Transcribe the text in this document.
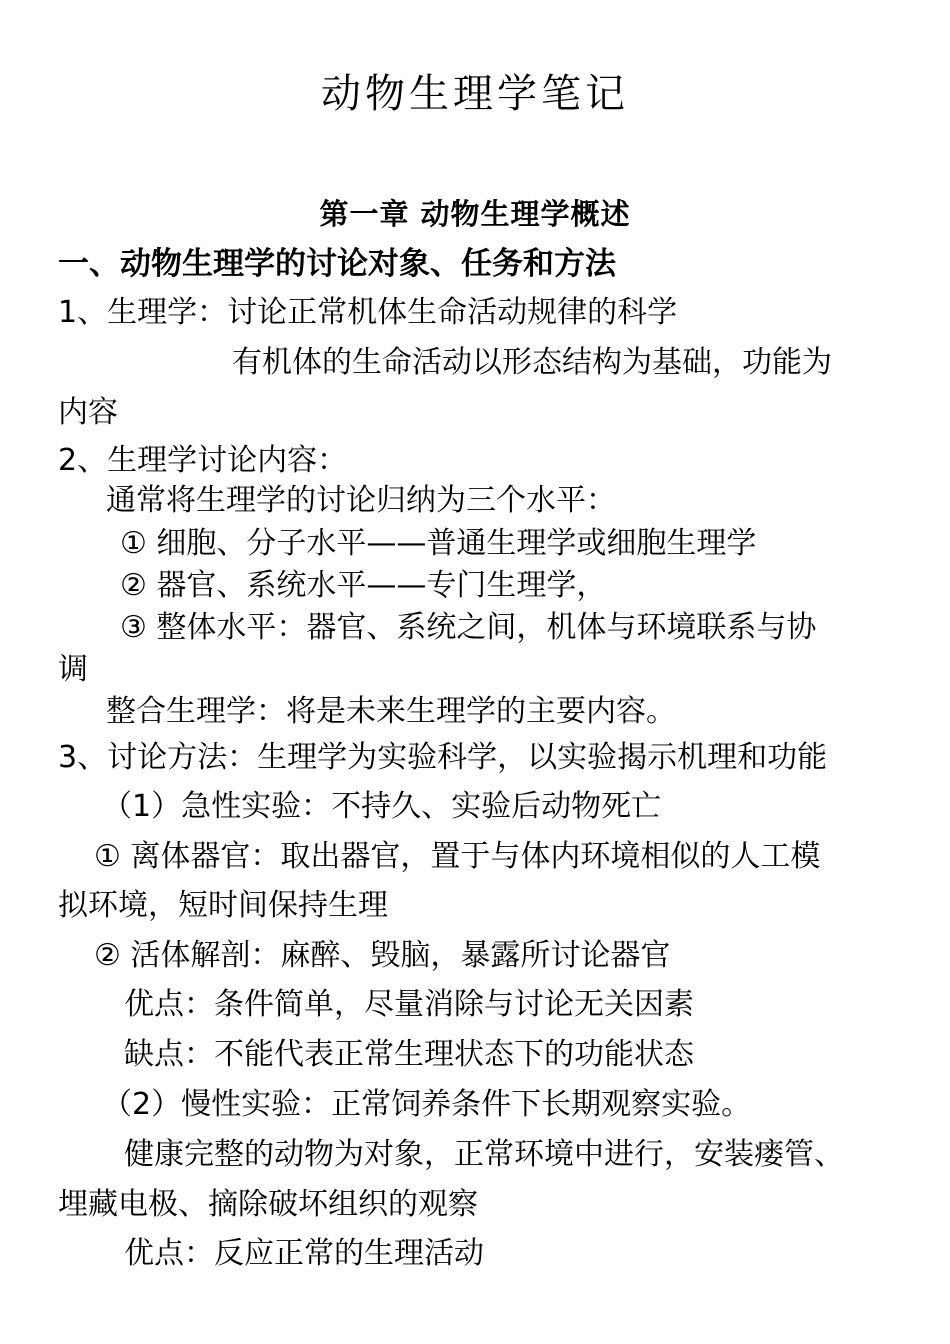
动物生理学笔记
第一章 动物生理学概述
一、动物生理学的讨论对象、任务和方法
1、生理学：讨论正常机体生命活动规律的科学
有机体的生命活动以形态结构为基础，功能为
内容
2、生理学讨论内容：
通常将生理学的讨论归纳为三个水平：
① 细胞、分子水平——普通生理学或细胞生理学
② 器官、系统水平——专门生理学，
③ 整体水平：器官、系统之间，机体与环境联系与协
调
整合生理学：将是未来生理学的主要内容。
3、讨论方法：生理学为实验科学，以实验揭示机理和功能
（1）急性实验：不持久、实验后动物死亡
① 离体器官：取出器官，置于与体内环境相似的人工模
拟环境，短时间保持生理
② 活体解剖：麻醉、毁脑，暴露所讨论器官
优点：条件简单，尽量消除与讨论无关因素
缺点：不能代表正常生理状态下的功能状态
（2）慢性实验：正常饲养条件下长期观察实验。
健康完整的动物为对象，正常环境中进行，安装瘘管、
埋藏电极、摘除破坏组织的观察
优点：反应正常的生理活动
